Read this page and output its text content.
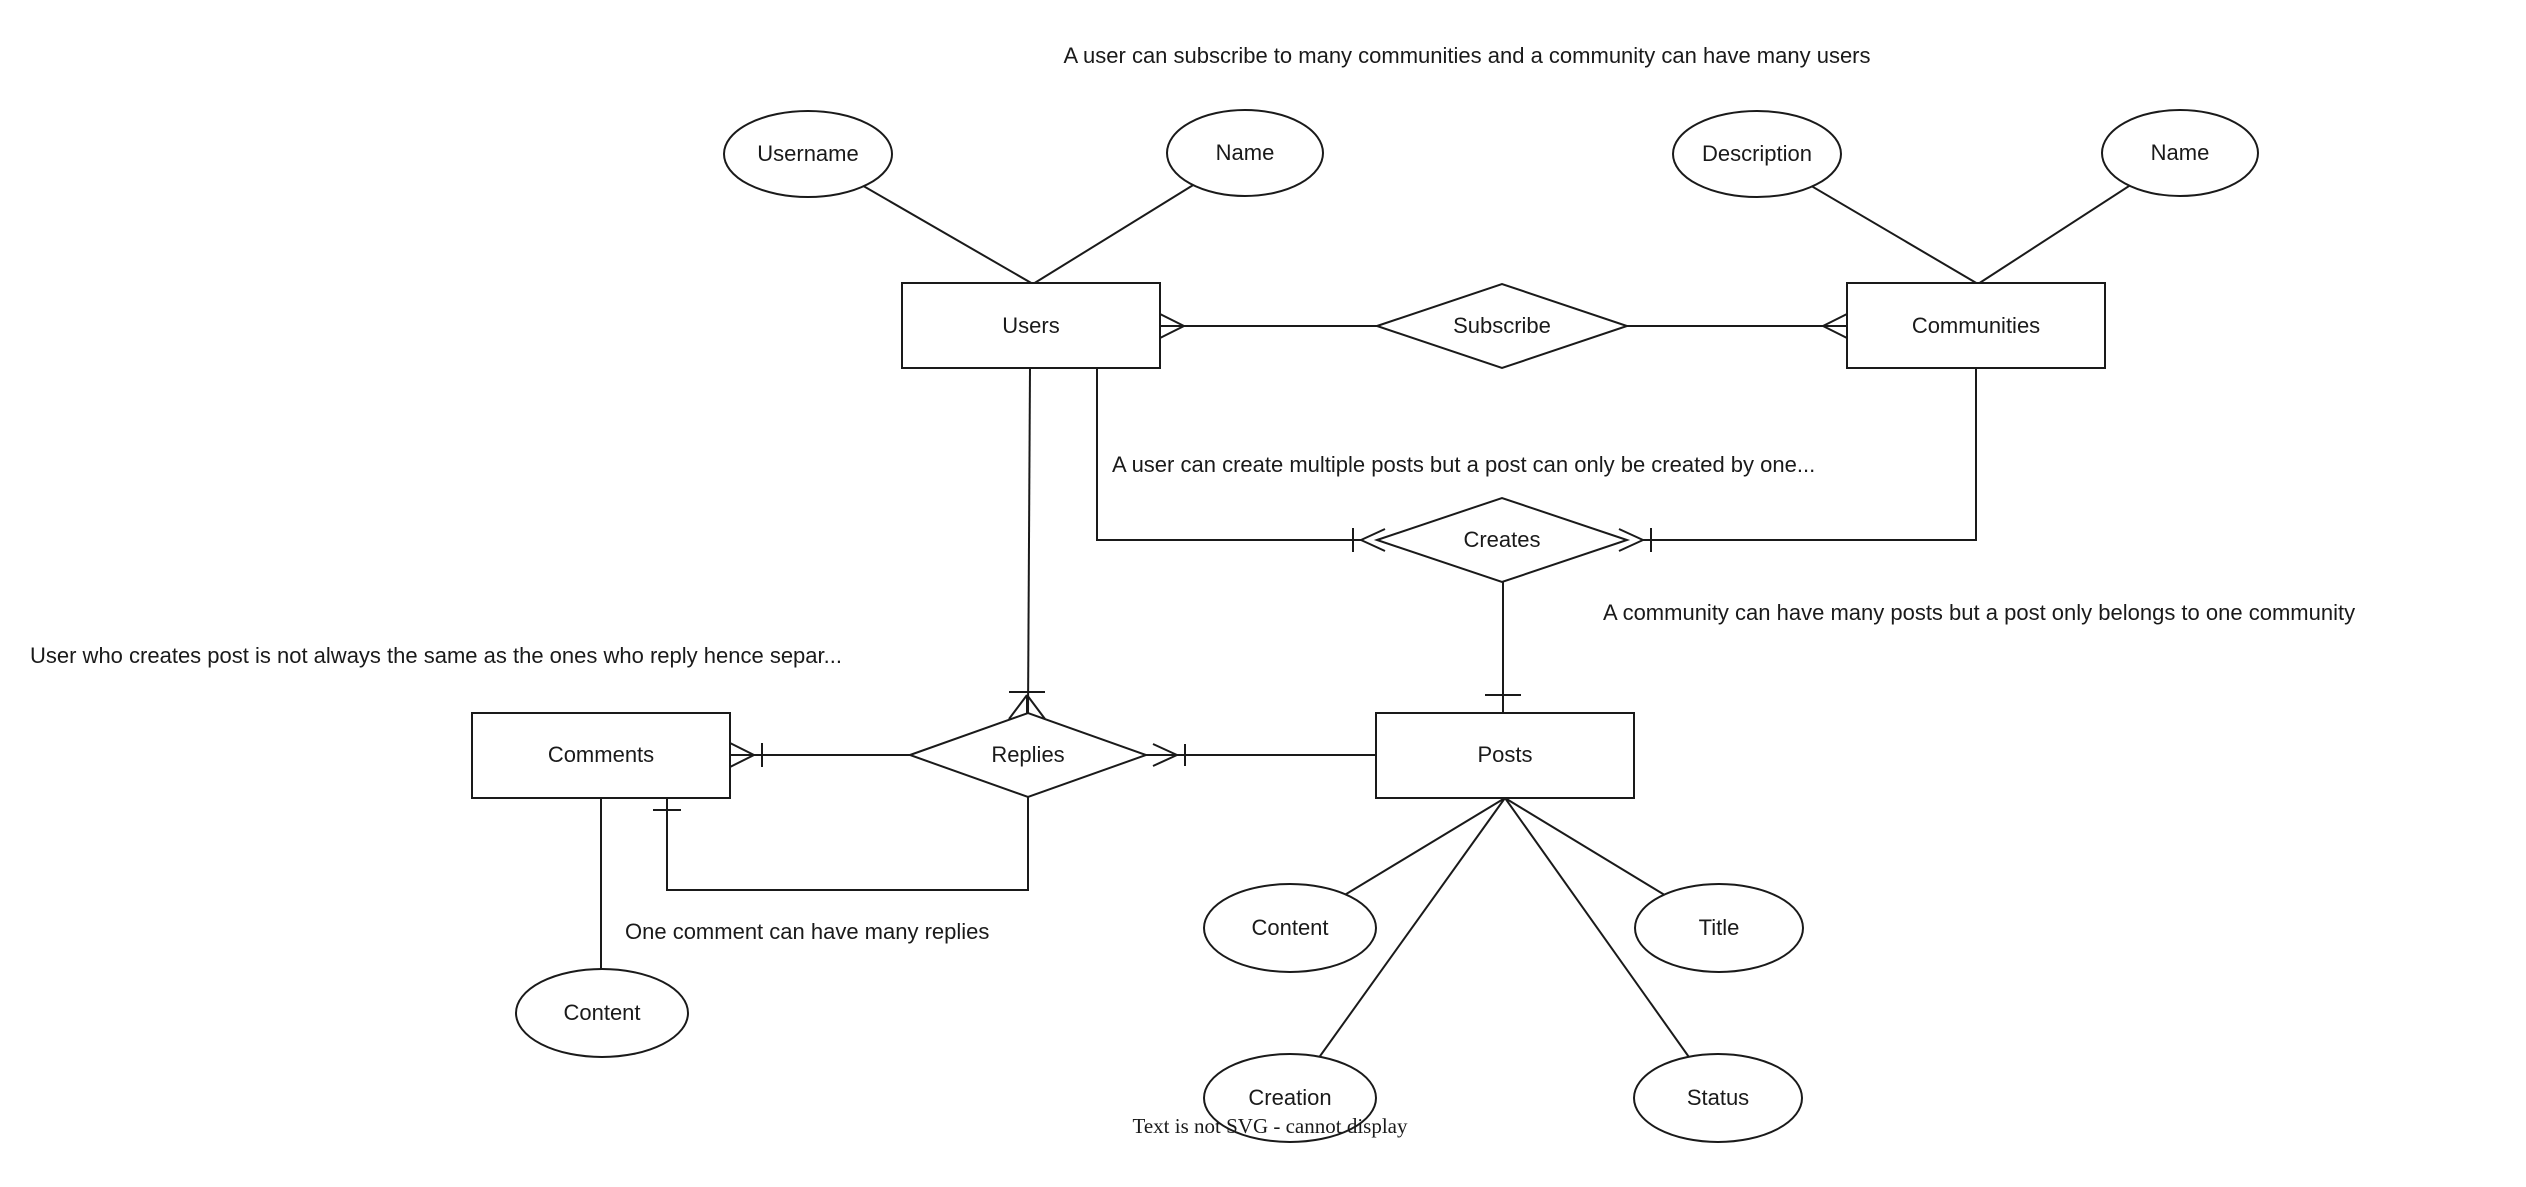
Users	Communities
Comments	Posts
Subscribe
Creates
Replies
Username	Name	Description	Name
Content
Content	Title
Creation	Status
A user can subscribe to many communities and a community can have many users
A user can create multiple posts but a post can only be created by one...
A community can have many posts but a post only belongs to one community
User who creates post is not always the same as the ones who reply hence separ...
One comment can have many replies
Text is not SVG - cannot display
